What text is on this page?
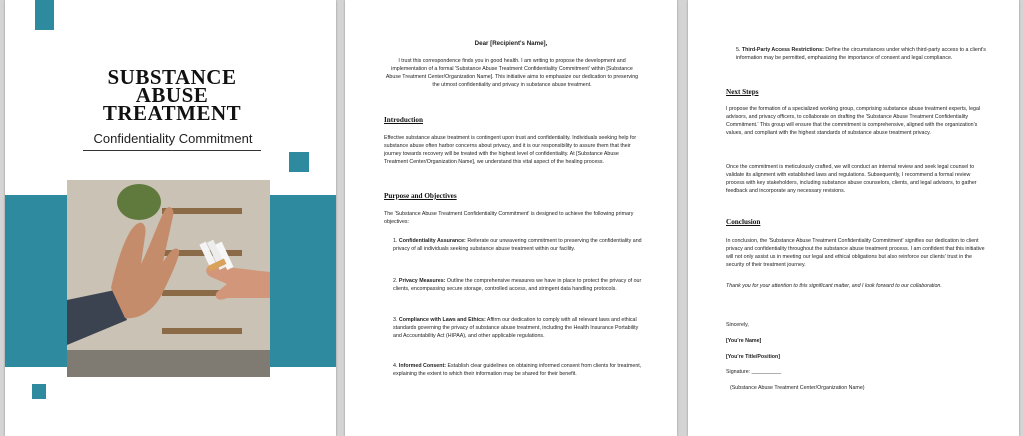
SUBSTANCE
ABUSE
TREATMENT
Confidentiality Commitment
Dear [Recipient's Name],
I trust this correspondence finds you in good health. I am writing to propose the development and implementation of a formal 'Substance Abuse Treatment Confidentiality Commitment' within [Substance Abuse Treatment Center/Organization Name]. This initiative aims to emphasize our dedication to preserving the utmost confidentiality and privacy in substance abuse treatment.
Introduction
Effective substance abuse treatment is contingent upon trust and confidentiality. Individuals seeking help for substance abuse often harbor concerns about privacy, and it is our responsibility to assure them that their journey towards recovery will be treated with the highest level of confidentiality. At [Substance Abuse Treatment Center/Organization Name], we understand this vital aspect of the healing process.
Purpose and Objectives
The 'Substance Abuse Treatment Confidentiality Commitment' is designed to achieve the following primary objectives:
1. Confidentiality Assurance: Reiterate our unwavering commitment to preserving the confidentiality and privacy of all individuals seeking substance abuse treatment within our facility.
2. Privacy Measures: Outline the comprehensive measures we have in place to protect the privacy of our clients, encompassing secure storage, controlled access, and stringent data handling protocols.
3. Compliance with Laws and Ethics: Affirm our dedication to comply with all relevant laws and ethical standards governing the privacy of substance abuse treatment, including the Health Insurance Portability and Accountability Act (HIPAA), and other applicable regulations.
4. Informed Consent: Establish clear guidelines on obtaining informed consent from clients for treatment, explaining the extent to which their information may be shared for their benefit.
5. Third-Party Access Restrictions: Define the circumstances under which third-party access to a client's information may be permitted, emphasizing the importance of consent and legal compliance.
Next Steps
I propose the formation of a specialized working group, comprising substance abuse treatment experts, legal advisors, and privacy officers, to collaborate on drafting the 'Substance Abuse Treatment Confidentiality Commitment.' This group will ensure that the commitment is comprehensive, aligned with the organization's values, and compliant with the highest standards of substance abuse treatment privacy.
Once the commitment is meticulously crafted, we will conduct an internal review and seek legal counsel to validate its alignment with established laws and regulations. Subsequently, I recommend a formal review process with key stakeholders, including substance abuse counselors, clients, and legal advisors, to gather feedback and incorporate any necessary revisions.
Conclusion
In conclusion, the 'Substance Abuse Treatment Confidentiality Commitment' signifies our dedication to client privacy and confidentiality throughout the substance abuse treatment process. I am confident that this initiative will not only assist us in meeting our legal and ethical obligations but also reinforce our clients' trust in the security of their treatment journey.
Thank you for your attention to this significant matter, and I look forward to our collaboration.
Sincerely,
[You're Name]
[You're Title/Position]
Signature: __________
(Substance Abuse Treatment Center/Organization Name)
